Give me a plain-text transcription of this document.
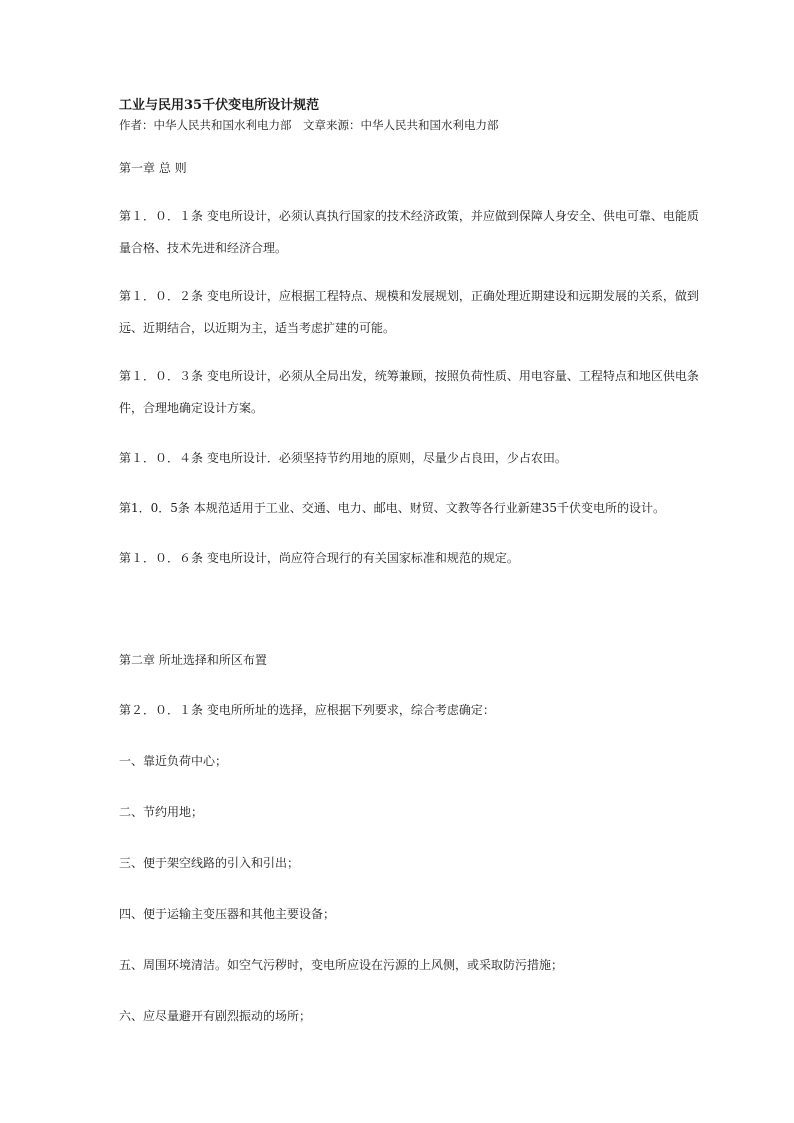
工业与民用35千伏变电所设计规范

作者：中华人民共和国水利电力部　文章来源：中华人民共和国水利电力部

第一章 总 则

第１．０．１条 变电所设计，必须认真执行国家的技术经济政策，并应做到保障人身安全、供电可靠、电能质量合格、技术先进和经济合理。

第１．０．２条 变电所设计，应根据工程特点、规模和发展规划，正确处理近期建设和远期发展的关系，做到远、近期结合，以近期为主，适当考虑扩建的可能。

第１．０．３条 变电所设计，必须从全局出发，统筹兼顾，按照负荷性质、用电容量、工程特点和地区供电条件，合理地确定设计方案。

第１．０．４条 变电所设计．必须坚持节约用地的原则，尽量少占良田，少占农田。

第1．0．5条 本规范适用于工业、交通、电力、邮电、财贸、文教等各行业新建35千伏变电所的设计。

第１．０．６条 变电所设计，尚应符合现行的有关国家标准和规范的规定。

第二章 所址选择和所区布置

第２．０．１条 变电所所址的选择，应根据下列要求，综合考虑确定：

一、靠近负荷中心；

二、节约用地；

三、便于架空线路的引入和引出；

四、便于运输主变压器和其他主要设备；

五、周围环境清洁。如空气污秽时，变电所应设在污源的上风侧，或采取防污措施；

六、应尽量避开有剧烈振动的场所；
